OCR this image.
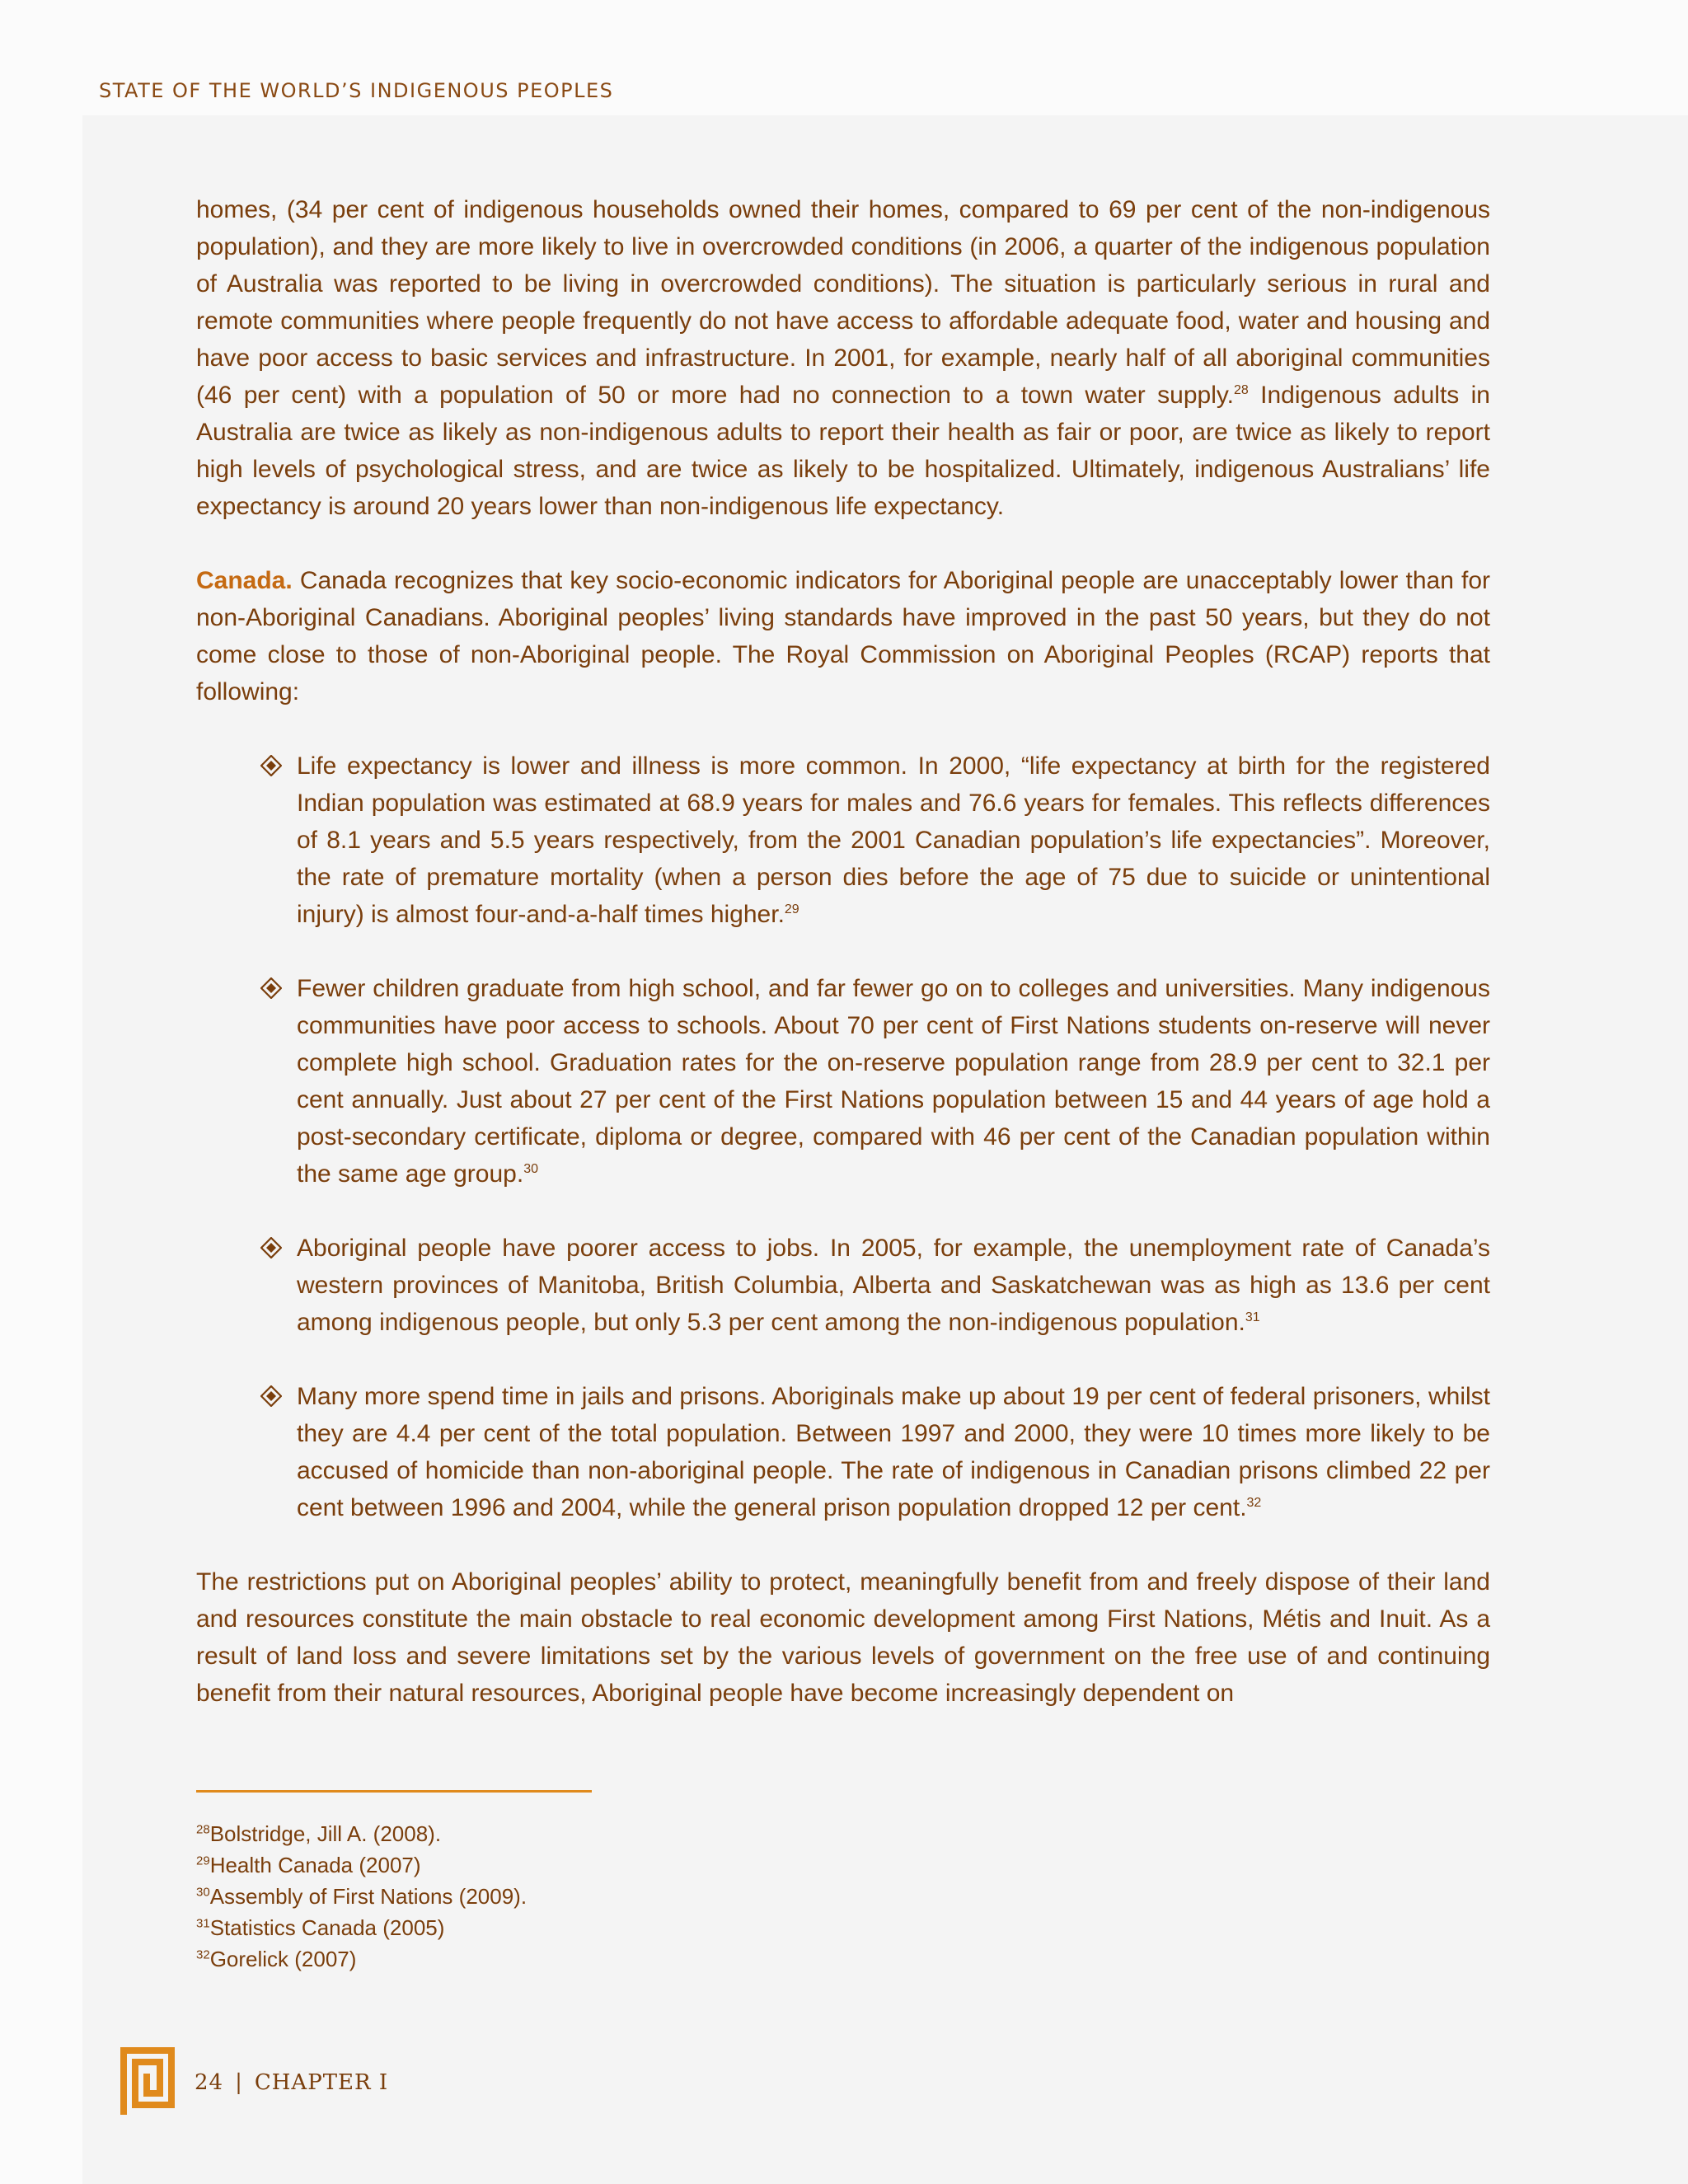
STATE OF THE WORLD’S INDIGENOUS PEOPLES

homes, (34 per cent of indigenous households owned their homes, compared to 69 per cent of the non-indigenous population), and they are more likely to live in overcrowded conditions (in 2006, a quarter of the indigenous population of Australia was reported to be living in overcrowded conditions). The situation is particularly serious in rural and remote communities where people frequently do not have access to affordable adequate food, water and housing and have poor access to basic services and infrastructure. In 2001, for example, nearly half of all aboriginal communities (46 per cent) with a population of 50 or more had no connection to a town water supply.$^{28}$ Indigenous adults in Australia are twice as likely as non-indigenous adults to report their health as fair or poor, are twice as likely to report high levels of psychological stress, and are twice as likely to be hospitalized. Ultimately, indigenous Australians’ life expectancy is around 20 years lower than non-indigenous life expectancy.

Canada. Canada recognizes that key socio-economic indicators for Aboriginal people are unacceptably lower than for non-Aboriginal Canadians. Aboriginal peoples’ living standards have improved in the past 50 years, but they do not come close to those of non-Aboriginal people. The Royal Commission on Aboriginal Peoples (RCAP) reports that following:

Life expectancy is lower and illness is more common. In 2000, “life expectancy at birth for the registered Indian population was estimated at 68.9 years for males and 76.6 years for females. This reflects differences of 8.1 years and 5.5 years respectively, from the 2001 Canadian population’s life expectancies”. Moreover, the rate of premature mortality (when a person dies before the age of 75 due to suicide or unintentional injury) is almost four-and-a-half times higher.$^{29}$
Fewer children graduate from high school, and far fewer go on to colleges and universities. Many indigenous communities have poor access to schools. About 70 per cent of First Nations students on-reserve will never complete high school. Graduation rates for the on-reserve population range from 28.9 per cent to 32.1 per cent annually. Just about 27 per cent of the First Nations population between 15 and 44 years of age hold a post-secondary certificate, diploma or degree, compared with 46 per cent of the Canadian population within the same age group.$^{30}$
Aboriginal people have poorer access to jobs. In 2005, for example, the unemployment rate of Canada’s western provinces of Manitoba, British Columbia, Alberta and Saskatchewan was as high as 13.6 per cent among indigenous people, but only 5.3 per cent among the non-indigenous population.$^{31}$
Many more spend time in jails and prisons. Aboriginals make up about 19 per cent of federal prisoners, whilst they are 4.4 per cent of the total population. Between 1997 and 2000, they were 10 times more likely to be accused of homicide than non-aboriginal people. The rate of indigenous in Canadian prisons climbed 22 per cent between 1996 and 2004, while the general prison population dropped 12 per cent.$^{32}$

The restrictions put on Aboriginal peoples’ ability to protect, meaningfully benefit from and freely dispose of their land and resources constitute the main obstacle to real economic development among First Nations, Métis and Inuit. As a result of land loss and severe limitations set by the various levels of government on the free use of and continuing benefit from their natural resources, Aboriginal people have become increasingly dependent on

$^{28}$Bolstridge, Jill A. (2008).
$^{29}$Health Canada (2007)
$^{30}$Assembly of First Nations (2009).
$^{31}$Statistics Canada (2005)
$^{32}$Gorelick (2007)
24 | CHAPTER I
